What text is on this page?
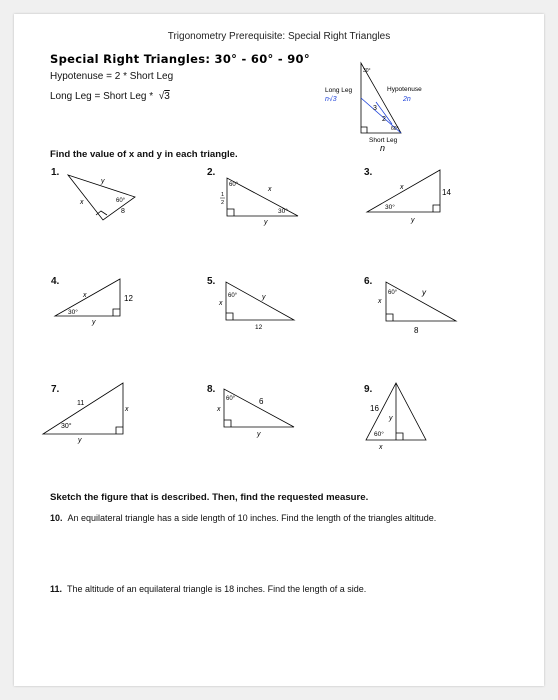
Trigonometry Prerequisite: Special Right Triangles
Special Right Triangles: 30° - 60° - 90°
Hypotenuse = 2 * Short Leg
Long Leg = Short Leg *  √3
Find the value of x and y in each triangle.
1.	2.	3.
4.	5.	6.
7.	8.	9.
30°
Long Leg
n√3
Hypotenuse
2n
3
2
60°
Short Leg
n
y
x	60°
8
60°
1
2
x
30°
y
x
14
30°
y
x	12
30°
y
60°	y
x
12
60°	y
x
8
11
x
30°
y
60°	6
x
y
16
y
60°
x
Sketch the figure that is described. Then, find the requested measure.
10. An equilateral triangle has a side length of 10 inches. Find the length of the triangles altitude.
11. The altitude of an equilateral triangle is 18 inches. Find the length of a side.
